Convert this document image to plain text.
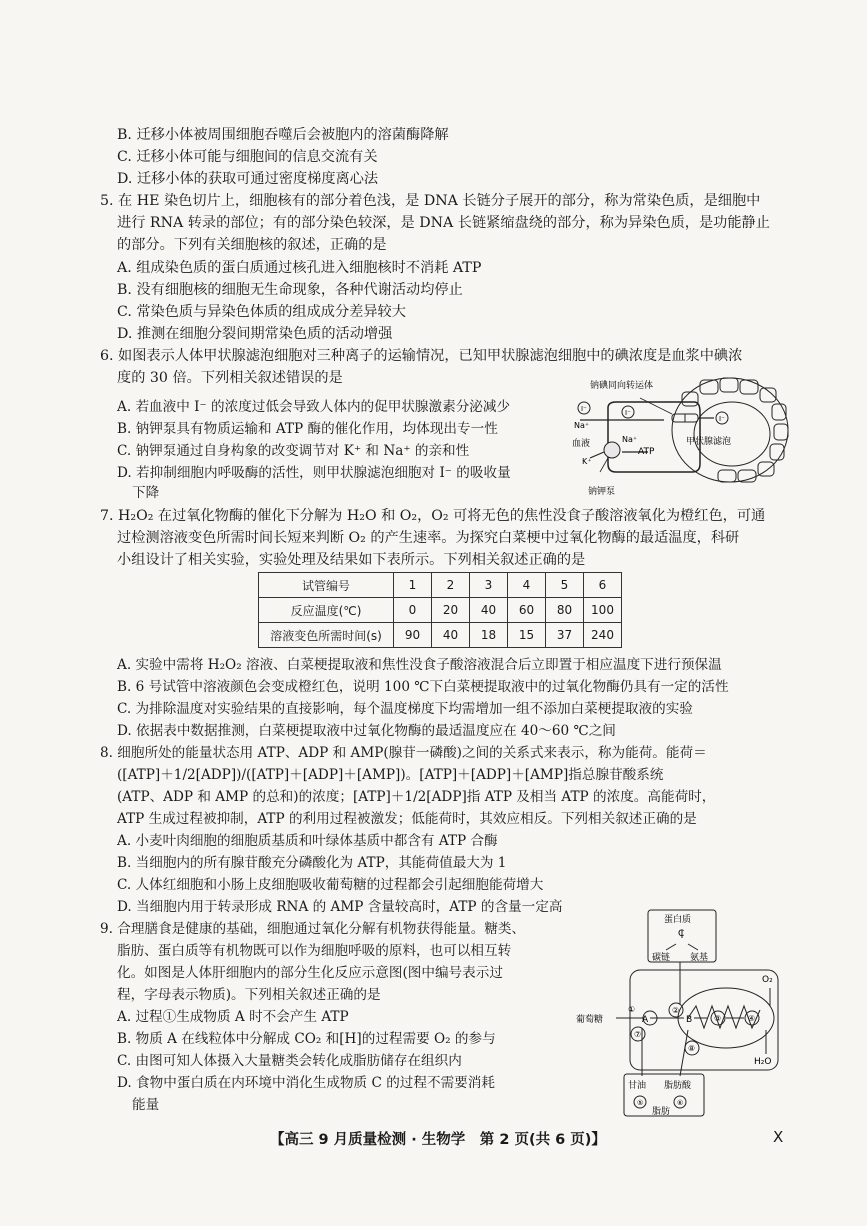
B. 迁移小体被周围细胞吞噬后会被胞内的溶菌酶降解
C. 迁移小体可能与细胞间的信息交流有关
D. 迁移小体的获取可通过密度梯度离心法
5. 在 HE 染色切片上，细胞核有的部分着色浅，是 DNA 长链分子展开的部分，称为常染色质，是细胞中
进行 RNA 转录的部位；有的部分染色较深，是 DNA 长链紧缩盘绕的部分，称为异染色质，是功能静止
的部分。下列有关细胞核的叙述，正确的是
A. 组成染色质的蛋白质通过核孔进入细胞核时不消耗 ATP
B. 没有细胞核的细胞无生命现象，各种代谢活动均停止
C. 常染色质与异染色体质的组成成分差异较大
D. 推测在细胞分裂间期常染色质的活动增强
6. 如图表示人体甲状腺滤泡细胞对三种离子的运输情况，已知甲状腺滤泡细胞中的碘浓度是血浆中碘浓
度的 30 倍。下列相关叙述错误的是
A. 若血液中 I⁻ 的浓度过低会导致人体内的促甲状腺激素分泌减少
B. 钠钾泵具有物质运输和 ATP 酶的催化作用，均体现出专一性
C. 钠钾泵通过自身构象的改变调节对 K⁺ 和 Na⁺ 的亲和性
D. 若抑制细胞内呼吸酶的活性，则甲状腺滤泡细胞对 I⁻ 的吸收量
下降
I⁻	I⁻
I⁻
钠碘同向转运体
Na⁺
血液
K⁺
Na⁺
ATP
甲状腺滤泡
钠钾泵
7. H₂O₂ 在过氧化物酶的催化下分解为 H₂O 和 O₂，O₂ 可将无色的焦性没食子酸溶液氧化为橙红色，可通
过检测溶液变色所需时间长短来判断 O₂ 的产生速率。为探究白菜梗中过氧化物酶的最适温度，科研
小组设计了相关实验，实验处理及结果如下表所示。下列相关叙述正确的是
试管编号	1	2	3	4	5	6
反应温度(℃)	0	20	40	60	80	100
溶液变色所需时间(s)	90	40	18	15	37	240
A. 实验中需将 H₂O₂ 溶液、白菜梗提取液和焦性没食子酸溶液混合后立即置于相应温度下进行预保温
B. 6 号试管中溶液颜色会变成橙红色，说明 100 ℃下白菜梗提取液中的过氧化物酶仍具有一定的活性
C. 为排除温度对实验结果的直接影响，每个温度梯度下均需增加一组不添加白菜梗提取液的实验
D. 依据表中数据推测，白菜梗提取液中过氧化物酶的最适温度应在 40～60 ℃之间
8. 细胞所处的能量状态用 ATP、ADP 和 AMP(腺苷一磷酸)之间的关系式来表示，称为能荷。能荷＝
([ATP]＋1/2[ADP])/([ATP]＋[ADP]＋[AMP])。[ATP]＋[ADP]＋[AMP]指总腺苷酸系统
(ATP、ADP 和 AMP 的总和)的浓度；[ATP]＋1/2[ADP]指 ATP 及相当 ATP 的浓度。高能荷时，
ATP 生成过程被抑制，ATP 的利用过程被激发；低能荷时，其效应相反。下列相关叙述正确的是
A. 小麦叶肉细胞的细胞质基质和叶绿体基质中都含有 ATP 合酶
B. 当细胞内的所有腺苷酸充分磷酸化为 ATP，其能荷值最大为 1
C. 人体红细胞和小肠上皮细胞吸收葡萄糖的过程都会引起细胞能荷增大
D. 当细胞内用于转录形成 RNA 的 AMP 含量较高时，ATP 的含量一定高
9. 合理膳食是健康的基础，细胞通过氧化分解有机物获得能量。糖类、
脂肪、蛋白质等有机物既可以作为细胞呼吸的原料，也可以相互转
化。如图是人体肝细胞内的部分生化反应示意图(图中编号表示过
程，字母表示物质)。下列相关叙述正确的是
A. 过程①生成物质 A 时不会产生 ATP
B. 物质 A 在线粒体中分解成 CO₂ 和[H]的过程需要 O₂ 的参与
C. 由图可知人体摄入大量糖类会转化成脂肪储存在组织内
D. 食物中蛋白质在内环境中消化生成物质 C 的过程不需要消耗
能量
蛋白质
C
碳链 氨基
葡萄糖
①
A
②
B	③	④
O₂
H₂O
⑦
⑧
甘油 脂肪酸
⑤	⑥
脂肪
【高三 9 月质量检测 · 生物学　第 2 页(共 6 页)】	X
